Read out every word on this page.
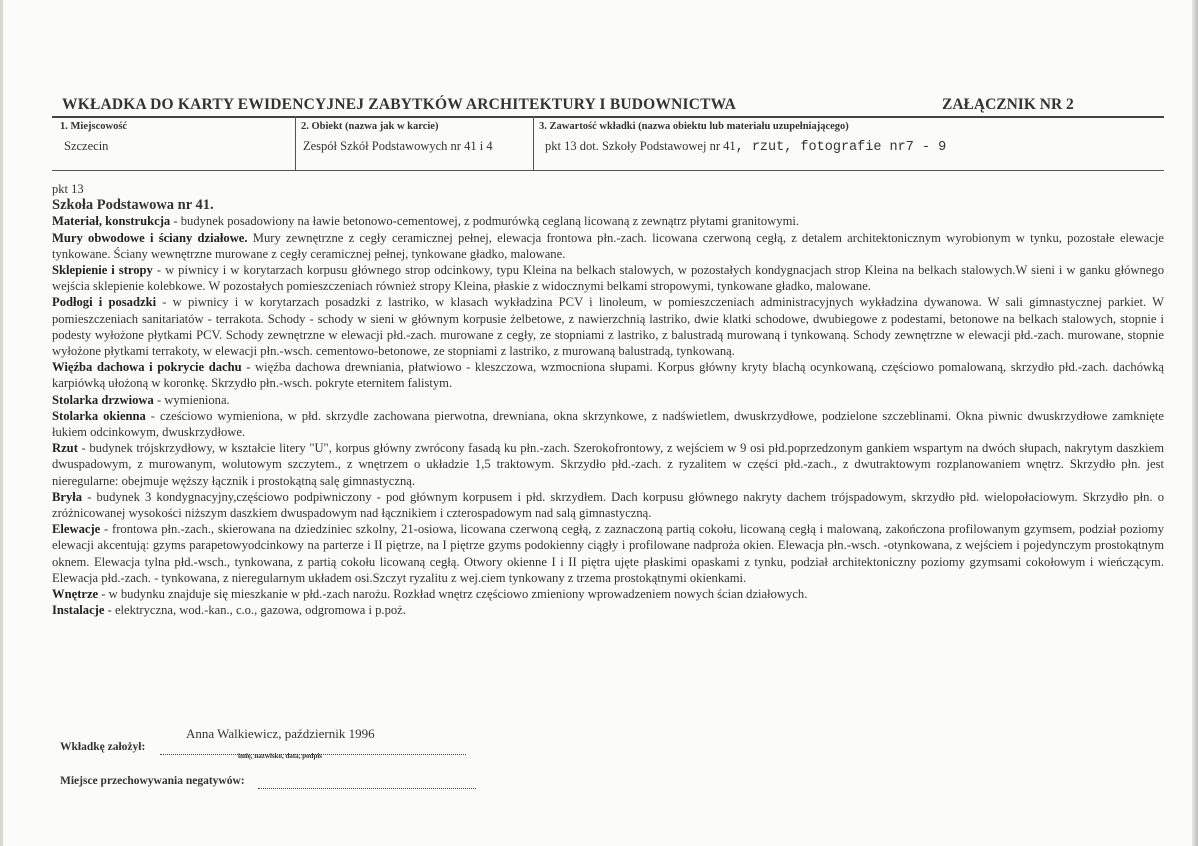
WKŁADKA DO KARTY EWIDENCYJNEJ ZABYTKÓW ARCHITEKTURY I BUDOWNICTWA	ZAŁĄCZNIK NR 2
1. Miejscowość
Szczecin
2. Obiekt (nazwa jak w karcie)
Zespół Szkół Podstawowych nr 41 i 4
3. Zawartość wkładki (nazwa obiektu lub materiału uzupełniającego)
pkt 13 dot. Szkoły Podstawowej nr 41, rzut, fotografie nr7 - 9
pkt 13
Szkoła Podstawowa nr 41.

Materiał, konstrukcja - budynek posadowiony na ławie betonowo-cementowej, z podmurówką ceglaną licowaną z zewnątrz płytami granitowymi.

Mury obwodowe i ściany działowe. Mury zewnętrzne z cegły ceramicznej pełnej, elewacja frontowa płn.-zach. licowana czerwoną cegłą, z detalem architektonicznym wyrobionym w tynku, pozostałe elewacje tynkowane. Ściany wewnętrzne murowane z cegły ceramicznej pełnej, tynkowane gładko, malowane.

Sklepienie i stropy - w piwnicy i w korytarzach korpusu głównego strop odcinkowy, typu Kleina na belkach stalowych, w pozostałych kondygnacjach strop Kleina na belkach stalowych.W sieni i w ganku głównego wejścia sklepienie kolebkowe. W pozostałych pomieszczeniach również stropy Kleina, płaskie z widocznymi belkami stropowymi, tynkowane gładko, malowane.

Podłogi i posadzki - w piwnicy i w korytarzach posadzki z lastriko, w klasach wykładzina PCV i linoleum, w pomieszczeniach administracyjnych wykładzina dywanowa. W sali gimnastycznej parkiet. W pomieszczeniach sanitariatów - terrakota. Schody - schody w sieni w głównym korpusie żelbetowe, z nawierzchnią lastriko, dwie klatki schodowe, dwubiegowe z podestami, betonowe na belkach stalowych, stopnie i podesty wyłożone płytkami PCV. Schody zewnętrzne w elewacji płd.-zach. murowane z cegły, ze stopniami z lastriko, z balustradą murowaną i tynkowaną. Schody zewnętrzne w elewacji płd.-zach. murowane, stopnie wyłożone płytkami terrakoty, w elewacji płn.-wsch. cementowo-betonowe, ze stopniami z lastriko, z murowaną balustradą, tynkowaną.

Więźba dachowa i pokrycie dachu - więźba dachowa drewniania, płatwiowo - kleszczowa, wzmocniona słupami. Korpus główny kryty blachą ocynkowaną, częściowo pomalowaną, skrzydło płd.-zach. dachówką karpiówką ułożoną w koronkę. Skrzydło płn.-wsch. pokryte eternitem falistym.

Stolarka drzwiowa - wymieniona.

Stolarka okienna - cześciowo wymieniona, w płd. skrzydle zachowana pierwotna, drewniana, okna skrzynkowe, z nadświetlem, dwuskrzydłowe, podzielone szczeblinami. Okna piwnic dwuskrzydłowe zamknięte łukiem odcinkowym, dwuskrzydłowe.

Rzut - budynek trójskrzydłowy, w kształcie litery "U", korpus główny zwrócony fasadą ku płn.-zach. Szerokofrontowy, z wejściem w 9 osi płd.poprzedzonym gankiem wspartym na dwóch słupach, nakrytym daszkiem dwuspadowym, z murowanym, wolutowym szczytem., z wnętrzem o układzie 1,5 traktowym. Skrzydło płd.-zach. z ryzalitem w części płd.-zach., z dwutraktowym rozplanowaniem wnętrz. Skrzydło płn. jest nieregularne: obejmuje węższy łącznik i prostokątną salę gimnastyczną.

Bryła - budynek 3 kondygnacyjny,częściowo podpiwniczony - pod głównym korpusem i płd. skrzydłem. Dach korpusu głównego nakryty dachem trójspadowym, skrzydło płd. wielopołaciowym. Skrzydło płn. o zróżnicowanej wysokości niższym daszkiem dwuspadowym nad łącznikiem i czterospadowym nad salą gimnastyczną.

Elewacje - frontowa płn.-zach., skierowana na dziedziniec szkolny, 21-osiowa, licowana czerwoną cegłą, z zaznaczoną partią cokołu, licowaną cegłą i malowaną, zakończona profilowanym gzymsem, podział poziomy elewacji akcentują: gzyms parapetowyodcinkowy na parterze i II piętrze, na I piętrze gzyms podokienny ciągły i profilowane nadproża okien. Elewacja płn.-wsch. -otynkowana, z wejściem i pojedynczym prostokątnym oknem. Elewacja tylna płd.-wsch., tynkowana, z partią cokołu licowaną cegłą. Otwory okienne I i II piętra ujęte płaskimi opaskami z tynku, podział architektoniczny poziomy gzymsami cokołowym i wieńczącym. Elewacja płd.-zach. - tynkowana, z nieregularnym układem osi.Szczyt ryzalitu z wej.ciem tynkowany z trzema prostokątnymi okienkami.

Wnętrze - w budynku znajduje się mieszkanie w płd.-zach narożu. Rozkład wnętrz częściowo zmieniony wprowadzeniem nowych ścian działowych.

Instalacje - elektryczna, wod.-kan., c.o., gazowa, odgromowa i p.poż.

Anna Walkiewicz, październik 1996
Wkładkę założył:
imię, nazwisko, data, podpis
Miejsce przechowywania negatywów:
